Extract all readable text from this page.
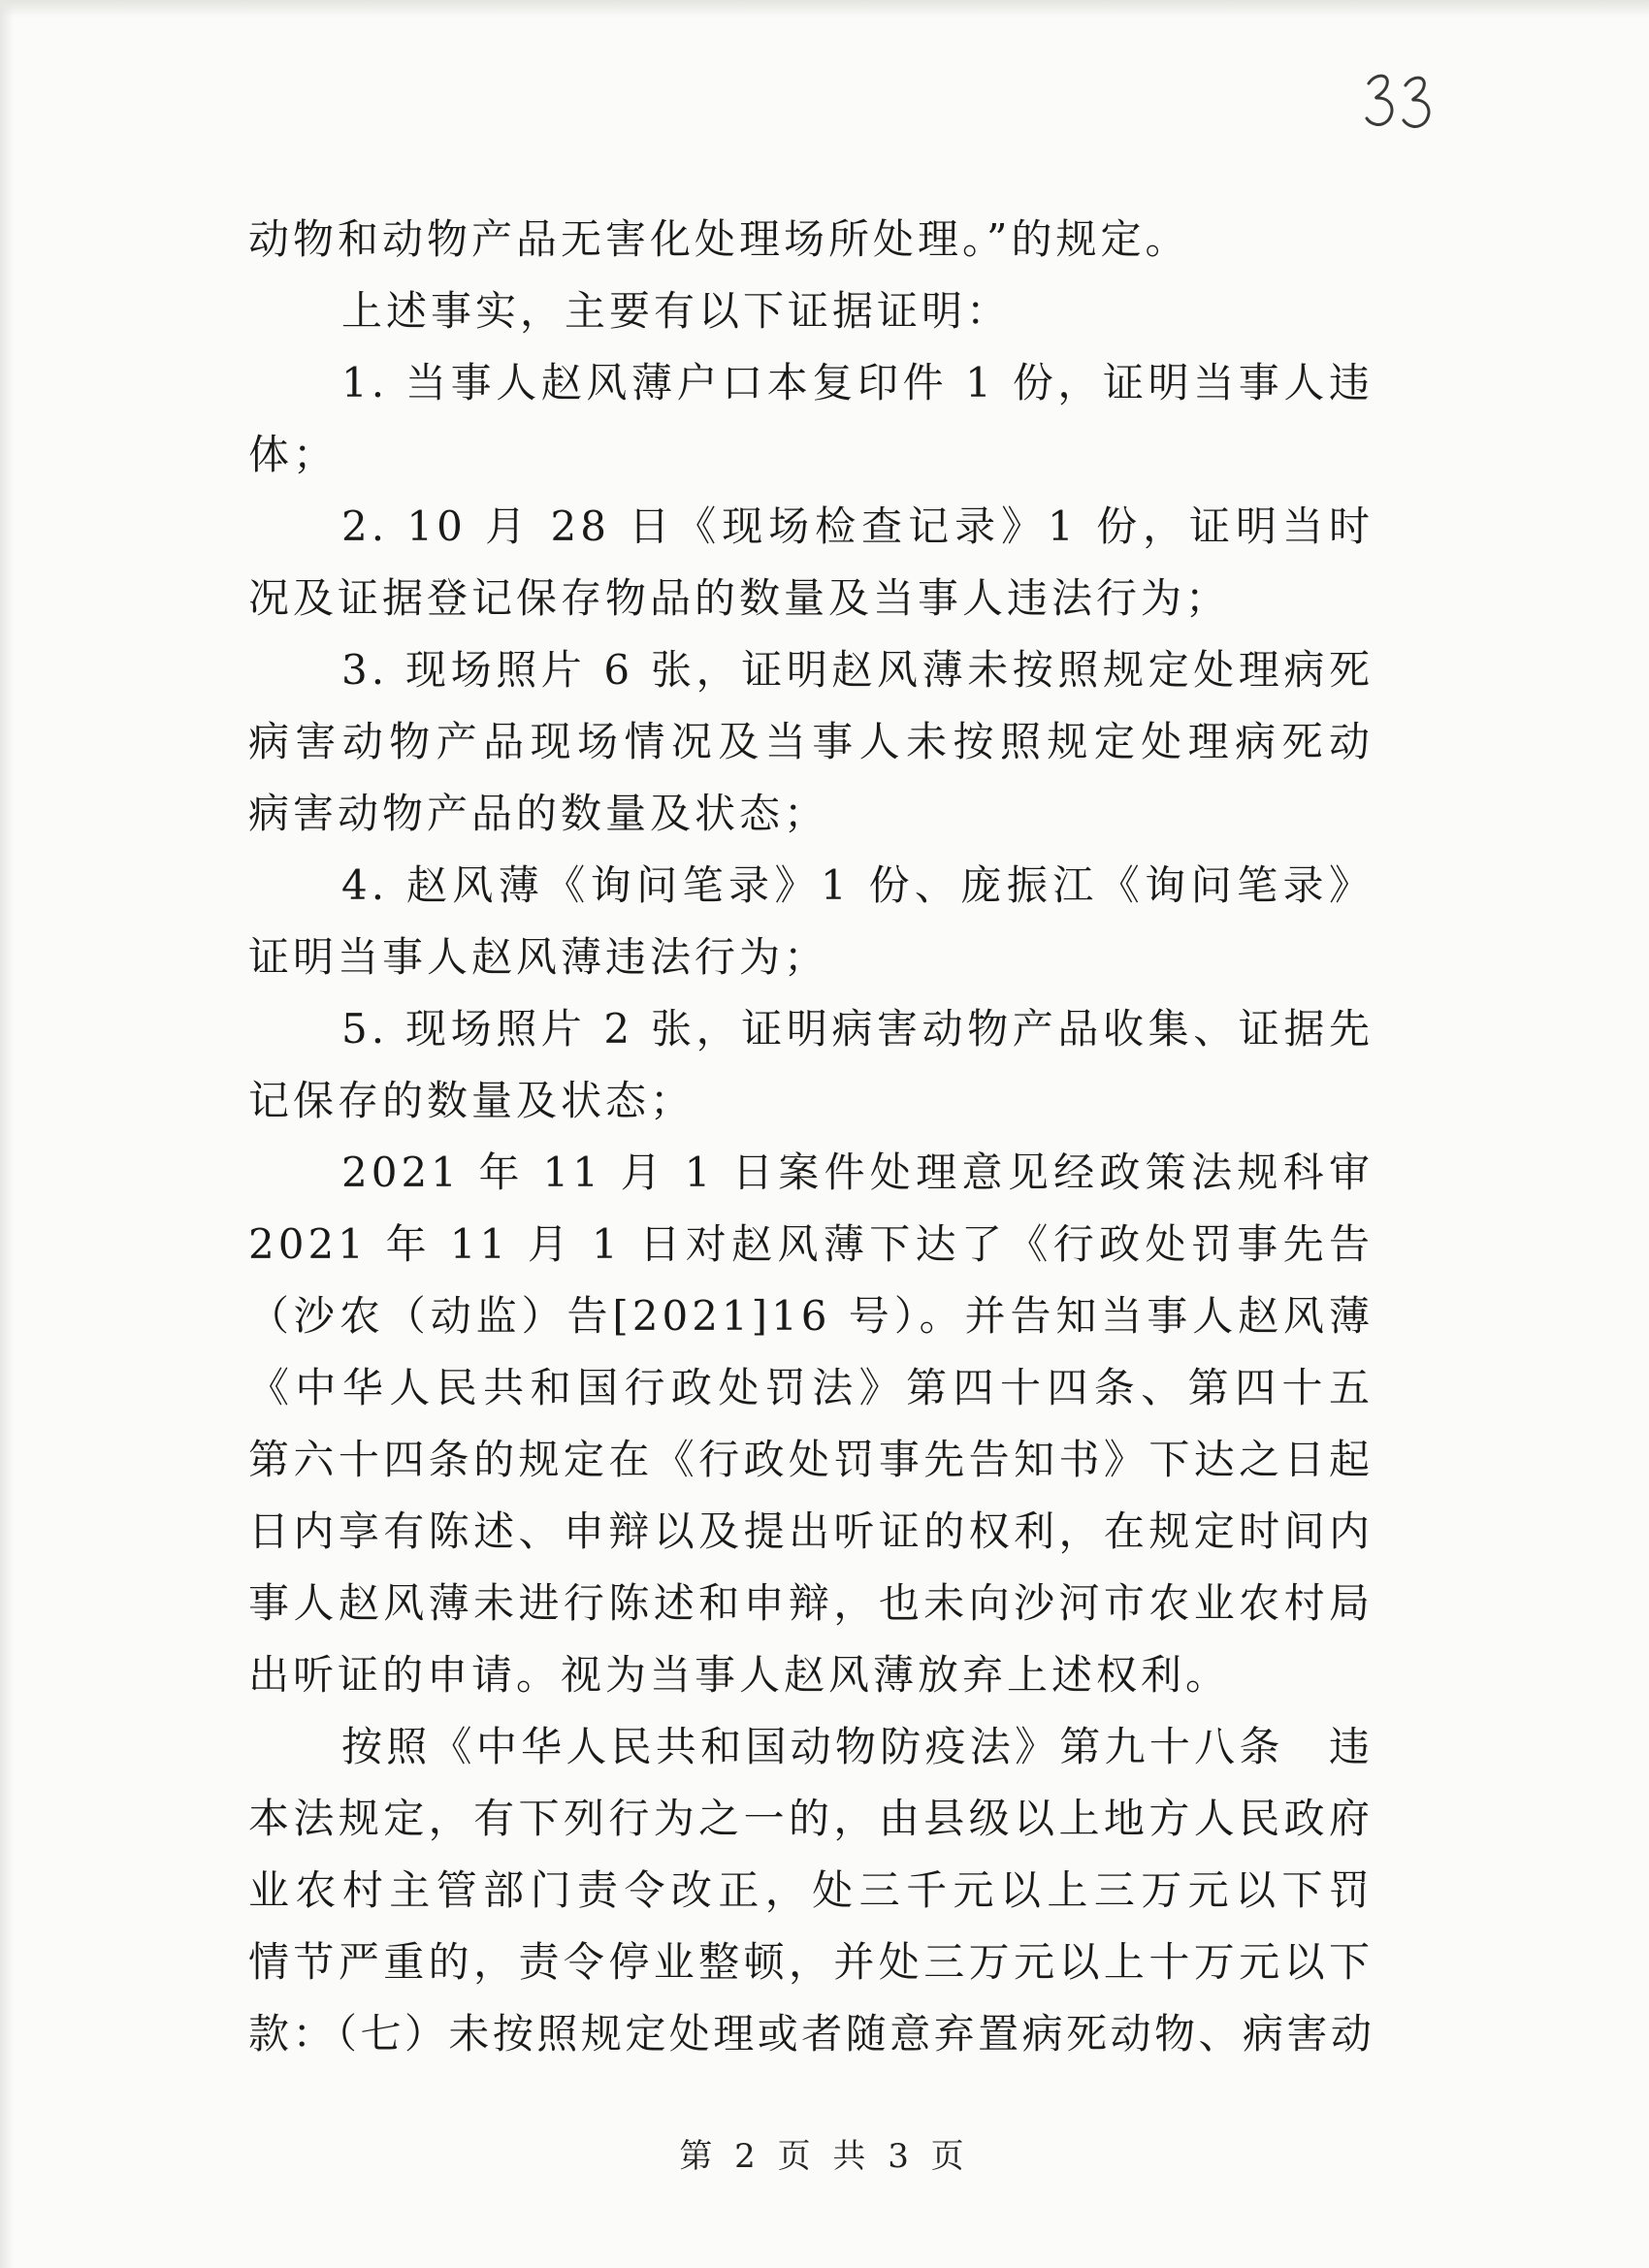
动物和动物产品无害化处理场所处理。”的规定。
上述事实，主要有以下证据证明：
1. 当事人赵风薄户口本复印件 1 份，证明当事人违
体；
2. 10 月 28 日《现场检查记录》1 份，证明当时
况及证据登记保存物品的数量及当事人违法行为；
3. 现场照片 6 张，证明赵风薄未按照规定处理病死
病害动物产品现场情况及当事人未按照规定处理病死动
病害动物产品的数量及状态；
4. 赵风薄《询问笔录》1 份、庞振江《询问笔录》
证明当事人赵风薄违法行为；
5. 现场照片 2 张，证明病害动物产品收集、证据先
记保存的数量及状态；
2021 年 11 月 1 日案件处理意见经政策法规科审
2021 年 11 月 1 日对赵风薄下达了《行政处罚事先告
（沙农（动监）告[2021]16 号）。并告知当事人赵风薄
《中华人民共和国行政处罚法》第四十四条、第四十五
第六十四条的规定在《行政处罚事先告知书》下达之日起
日内享有陈述、申辩以及提出听证的权利，在规定时间内
事人赵风薄未进行陈述和申辩，也未向沙河市农业农村局
出听证的申请。视为当事人赵风薄放弃上述权利。
按照《中华人民共和国动物防疫法》第九十八条　违
本法规定，有下列行为之一的，由县级以上地方人民政府
业农村主管部门责令改正，处三千元以上三万元以下罚
情节严重的，责令停业整顿，并处三万元以上十万元以下
款：（七）未按照规定处理或者随意弃置病死动物、病害动
第 2 页 共 3 页
